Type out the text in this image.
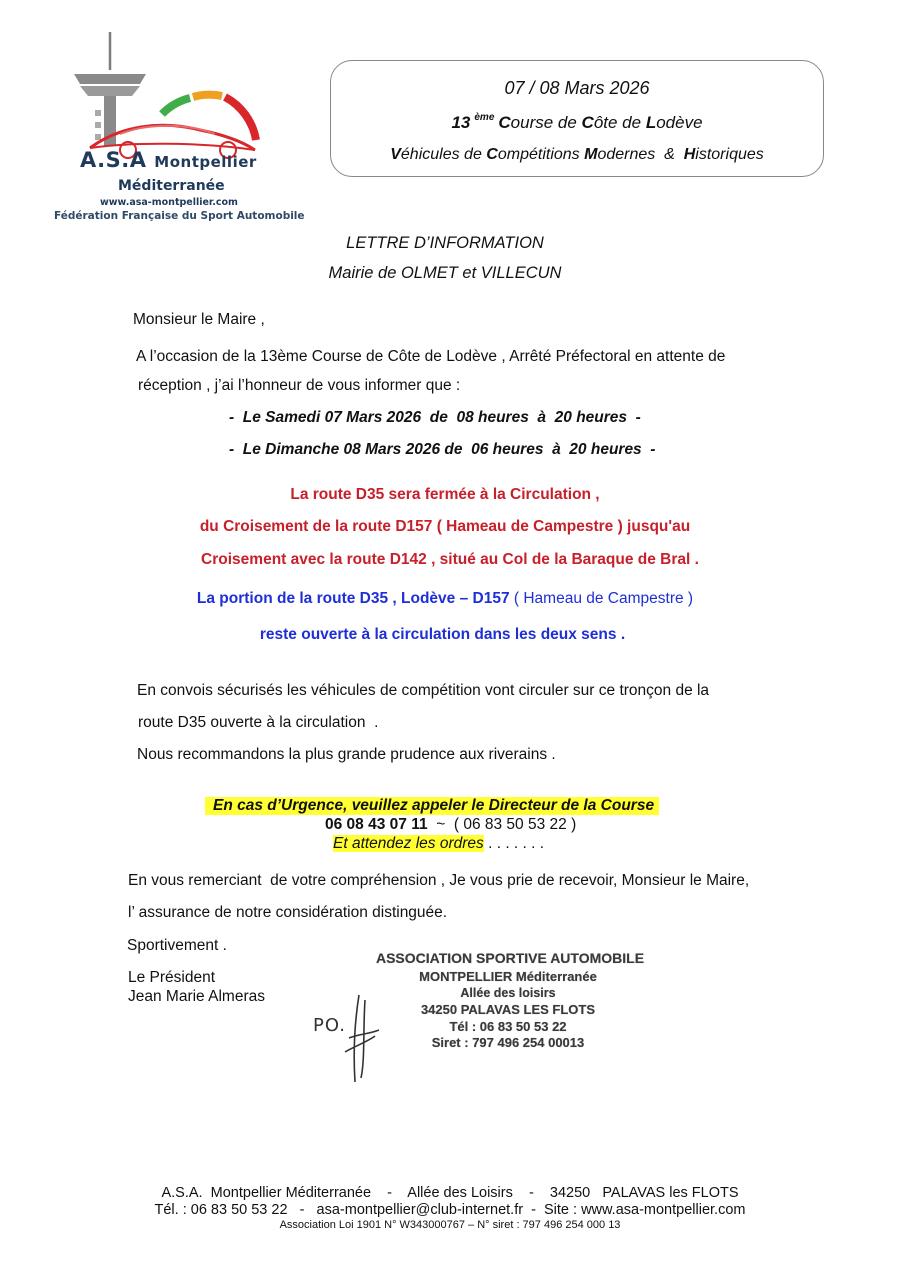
A.S.A Montpellier
Méditerranée
www.asa-montpellier.com
Fédération Française du Sport Automobile
07 / 08 Mars 2026
13 $^{ème}$ Course de Côte de Lodève
Véhicules de Compétitions Modernes  &  Historiques
LETTRE D’INFORMATION
Mairie de OLMET et VILLECUN
Monsieur le Maire ,
A l’occasion de la 13ème Course de Côte de Lodève , Arrêté Préfectoral en attente de
réception , j’ai l’honneur de vous informer que :
-  Le Samedi 07 Mars 2026  de  08 heures  à  20 heures  -
-  Le Dimanche 08 Mars 2026 de  06 heures  à  20 heures  -
La route D35 sera fermée à la Circulation ,
du Croisement de la route D157 ( Hameau de Campestre ) jusqu'au
Croisement avec la route D142 , situé au Col de la Baraque de Bral .
La portion de la route D35 , Lodève – D157 ( Hameau de Campestre )
reste ouverte à la circulation dans les deux sens .
En convois sécurisés les véhicules de compétition vont circuler sur ce tronçon de la
route D35 ouverte à la circulation  .
Nous recommandons la plus grande prudence aux riverains .
En cas d’Urgence, veuillez appeler le Directeur de la Course
06 08 43 07 11  ~  ( 06 83 50 53 22 )
Et attendez les ordres . . . . . . .
En vous remerciant  de votre compréhension , Je vous prie de recevoir, Monsieur le Maire,
l’ assurance de notre considération distinguée.
Sportivement .
Le Président
Jean Marie Almeras
PO.
ASSOCIATION SPORTIVE AUTOMOBILE
MONTPELLIER Méditerranée
Allée des loisirs
34250 PALAVAS LES FLOTS
Tél : 06 83 50 53 22
Siret : 797 496 254 00013
A.S.A.  Montpellier Méditerranée    -    Allée des Loisirs    -    34250   PALAVAS les FLOTS
Tél. : 06 83 50 53 22   -   asa-montpellier@club-internet.fr  -  Site : www.asa-montpellier.com
Association Loi 1901 N° W343000767 – N° siret : 797 496 254 000 13
